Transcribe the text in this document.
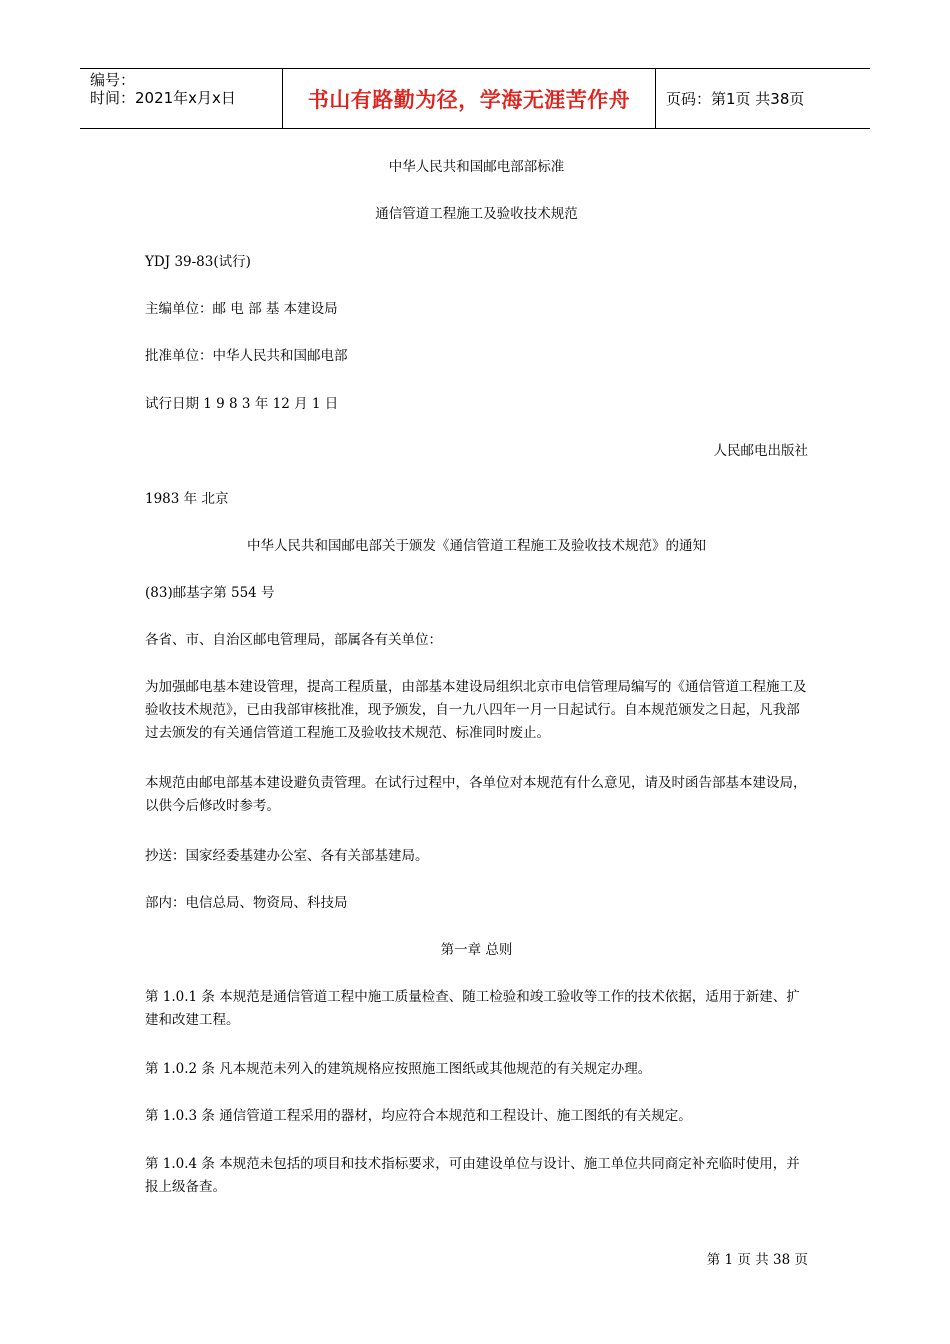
编号：
时间：2021年x月x日	书山有路勤为径，学海无涯苦作舟	页码：第1页 共38页
中华人民共和国邮电部部标准
通信管道工程施工及验收技术规范
YDJ 39-83(试行)
主编单位：邮 电 部 基 本建设局
批准单位：中华人民共和国邮电部
试行日期 1 9 8 3 年 12 月 1 日
人民邮电出版社
1983 年 北京
中华人民共和国邮电部关于颁发《通信管道工程施工及验收技术规范》的通知
(83)邮基字第 554 号
各省、市、自治区邮电管理局，部属各有关单位：
为加强邮电基本建设管理，提高工程质量，由部基本建设局组织北京市电信管理局编写的《通信管道工程施工及验收技术规范》，已由我部审核批准，现予颁发，自一九八四年一月一日起试行。自本规范颁发之日起，凡我部过去颁发的有关通信管道工程施工及验收技术规范、标准同时废止。
本规范由邮电部基本建设避负责管理。在试行过程中，各单位对本规范有什么意见，请及时函告部基本建设局，以供今后修改时参考。
抄送：国家经委基建办公室、各有关部基建局。
部内：电信总局、物资局、科技局
第一章 总则
第 1.0.1 条 本规范是通信管道工程中施工质量检查、随工检验和竣工验收等工作的技术依据，适用于新建、扩建和改建工程。
第 1.0.2 条 凡本规范未列入的建筑规格应按照施工图纸或其他规范的有关规定办理。
第 1.0.3 条 通信管道工程采用的器材，均应符合本规范和工程设计、施工图纸的有关规定。
第 1.0.4 条 本规范未包括的项目和技术指标要求，可由建设单位与设计、施工单位共同商定补充临时使用，并报上级备查。
第 1 页 共 38 页
